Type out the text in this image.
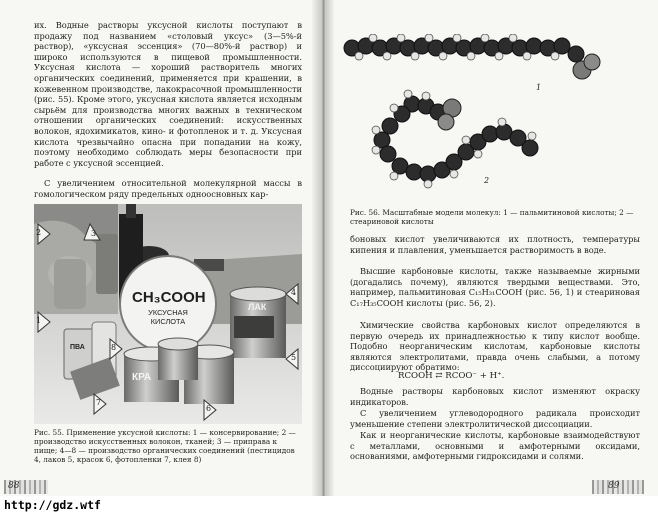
их. Водные растворы уксусной кислоты поступают в продажу под названием «столовый уксус» (3—5%-й раствор), «уксусная эссенция» (70—80%-й раствор) и широко используются в пищевой промышленности. Уксусная кислота — хороший растворитель многих органических соединений, применяется при крашении, в кожевенном производстве, лакокрасочной промышленности (рис. 55). Кроме этого, уксусная кислота является исходным сырьём для производства многих важных в техническом отношении органических соединений: искусственных волокон, ядохимикатов, кино- и фотопленок и т. д. Уксусная кислота чрезвычайно опасна при попадании на кожу, поэтому необходимо соблюдать меры безопасности при работе с уксусной эссенцией.

С увеличением относительной молекулярной массы в гомологическом ряду предельных одноосновных кар-

CH₃COOH
УКСУСНАЯ КИСЛОТА
1
2	3
4
5
6
7
8
КРА
ЛАК
ПВА

Рис. 55. Применение уксусной кислоты: 1 — консервирование; 2 — производство искусственных волокон, тканей; 3 — приправа к пище; 4—8 — производство органических соединений (пестицидов 4, лаков 5, красок 6, фотопленки 7, клея 8)

88
1
2

Рис. 56. Масштабные модели молекул: 1 — пальмитиновой кислоты; 2 — стеариновой кислоты

боновых кислот увеличиваются их плотность, температуры кипения и плавления, уменьшается растворимость в воде.

Высшие карбоновые кислоты, также называемые жирными (догадались почему), являются твердыми веществами. Это, например, пальмитиновая C₁₅H₃₁COOH (рис. 56, 1) и стеариновая C₁₇H₃₅COOH кислоты (рис. 56, 2).

Химические свойства карбоновых кислот определяются в первую очередь их принадлежностью к типу кислот вообще. Подобно неорганическим кислотам, карбоновые кислоты являются электролитами, правда очень слабыми, а потому диссоциируют обратимо:

RCOOH ⇄ RCOO⁻ + H⁺.

Водные растворы карбоновых кислот изменяют окраску индикаторов.

С увеличением углеводородного радикала происходит уменьшение степени электролитической диссоциации.

Как и неорганические кислоты, карбоновые взаимодействуют с металлами, основными и амфотерными оксидами, основаниями, амфотерными гидроксидами и солями.

89
http://gdz.wtf
